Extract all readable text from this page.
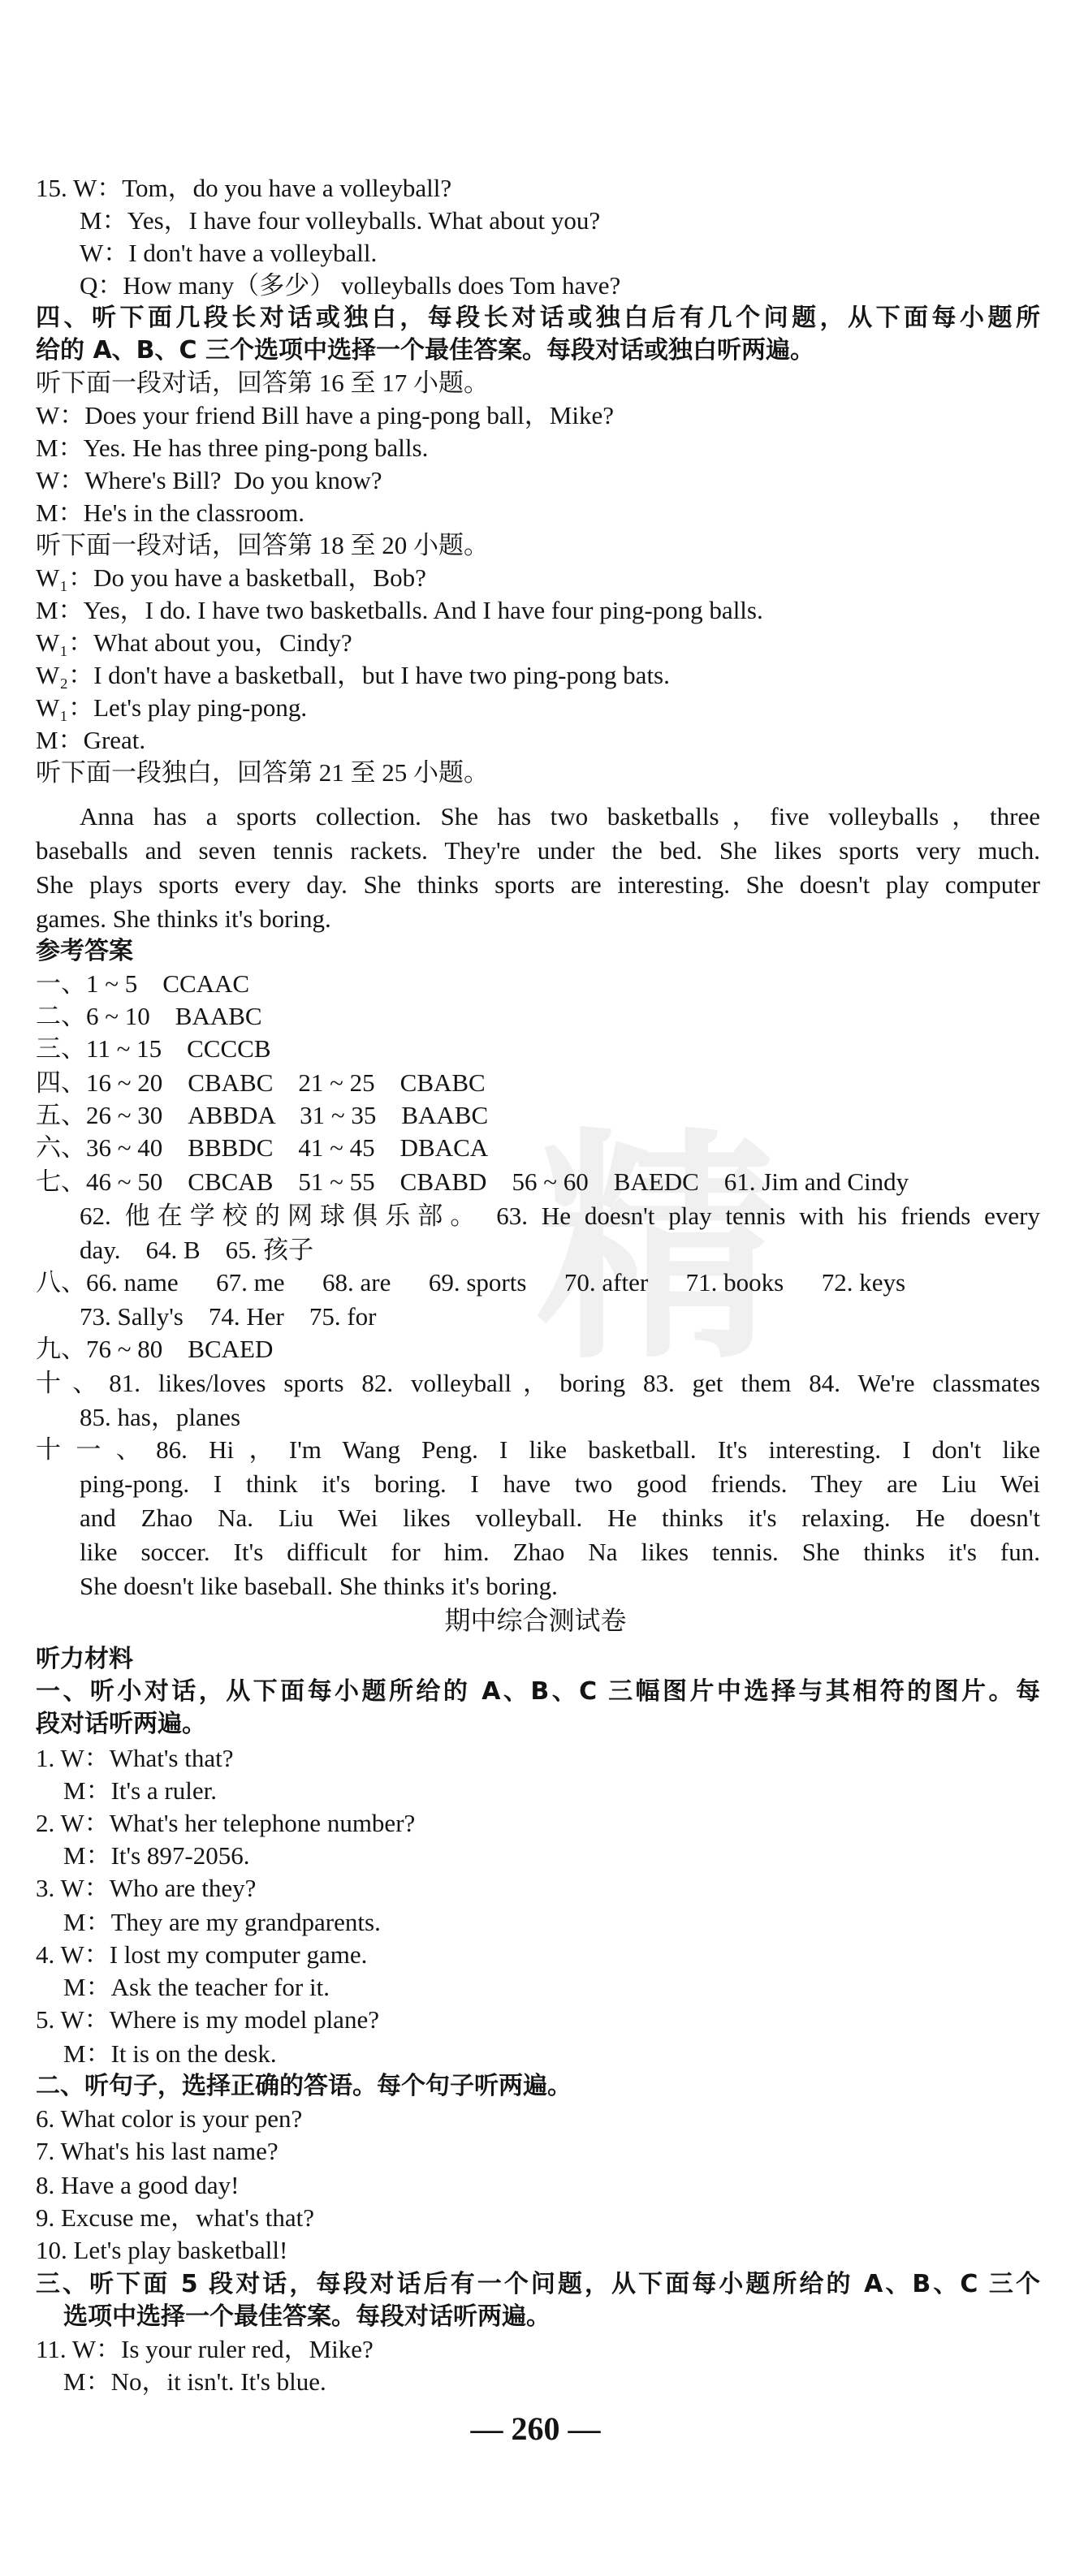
精
15. W：Tom，do you have a volleyball?
M：Yes，I have four volleyballs. What about you?
W：I don't have a volleyball.
Q：How many（多少） volleyballs does Tom have?
四、听下面几段长对话或独白，每段长对话或独白后有几个问题，从下面每小题所
给的 A、B、C 三个选项中选择一个最佳答案。每段对话或独白听两遍。
听下面一段对话，回答第 16 至 17 小题。
W：Does your friend Bill have a ping-pong ball，Mike?
M：Yes. He has three ping-pong balls.
W：Where's Bill?  Do you know?
M：He's in the classroom.
听下面一段对话，回答第 18 至 20 小题。
W₁：Do you have a basketball，Bob?
M：Yes，I do. I have two basketballs. And I have four ping-pong balls.
W₁：What about you，Cindy?
W₂：I don't have a basketball，but I have two ping-pong bats.
W₁：Let's play ping-pong.
M：Great.
听下面一段独白，回答第 21 至 25 小题。
Anna has a sports collection. She has two basketballs，five volleyballs，three
baseballs and seven tennis rackets. They're under the bed. She likes sports very much.
She plays sports every day. She thinks sports are interesting. She doesn't play computer
games. She thinks it's boring.
参考答案
一、1 ~ 5    CCAAC
二、6 ~ 10    BAABC
三、11 ~ 15    CCCCB
四、16 ~ 20    CBABC    21 ~ 25    CBABC
五、26 ~ 30    ABBDA    31 ~ 35    BAABC
六、36 ~ 40    BBBDC    41 ~ 45    DBACA
七、46 ~ 50    CBCAB    51 ~ 55    CBABD    56 ~ 60    BAEDC    61. Jim and Cindy
62. 他在学校的网球俱乐部。 63. He doesn't play tennis with his friends every
day.    64. B    65. 孩子
八、66. name      67. me      68. are      69. sports      70. after      71. books      72. keys
73. Sally's    74. Her    75. for
九、76 ~ 80    BCAED
十、81. likes/loves sports 82. volleyball，boring 83. get them 84. We're classmates
85. has，planes
十一、86. Hi，I'm Wang Peng. I like basketball. It's interesting. I don't like
ping-pong. I think it's boring. I have two good friends. They are Liu Wei
and Zhao Na. Liu Wei likes volleyball. He thinks it's relaxing. He doesn't
like soccer. It's difficult for him. Zhao Na likes tennis. She thinks it's fun.
She doesn't like baseball. She thinks it's boring.
期中综合测试卷
听力材料
一、听小对话，从下面每小题所给的 A、B、C 三幅图片中选择与其相符的图片。每
段对话听两遍。
1. W：What's that?
M：It's a ruler.
2. W：What's her telephone number?
M：It's 897-2056.
3. W：Who are they?
M：They are my grandparents.
4. W：I lost my computer game.
M：Ask the teacher for it.
5. W：Where is my model plane?
M：It is on the desk.
二、听句子，选择正确的答语。每个句子听两遍。
6. What color is your pen?
7. What's his last name?
8. Have a good day!
9. Excuse me，what's that?
10. Let's play basketball!
三、听下面 5 段对话，每段对话后有一个问题，从下面每小题所给的 A、B、C 三个
选项中选择一个最佳答案。每段对话听两遍。
11. W：Is your ruler red，Mike?
M：No，it isn't. It's blue.
— 260 —
